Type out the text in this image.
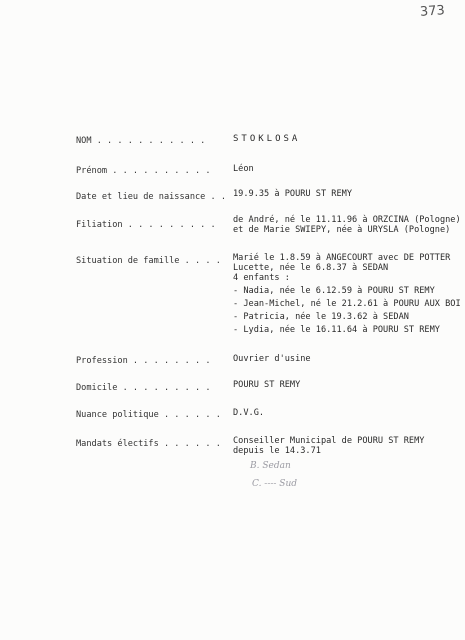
373
NOM . . . . . . . . . . .	STOKLOSA
Prénom . . . . . . . . . .	Léon
Date et lieu de naissance . . 19.9.35 à POURU ST REMY
Filiation . . . . . . . . . de André, né le 11.11.96 à ORZCINA (Pologne)
et de Marie SWIEPY, née à URYSLA (Pologne)
Situation de famille . . . . Marié le 1.8.59 à ANGECOURT avec DE POTTER
Lucette, née le 6.8.37 à SEDAN
4 enfants :
- Nadia, née le 6.12.59 à POURU ST REMY
- Jean-Michel, né le 21.2.61 à POURU AUX BOI
- Patricia, née le 19.3.62 à SEDAN
- Lydia, née le 16.11.64 à POURU ST REMY
Profession . . . . . . . .	Ouvrier d'usine
Domicile . . . . . . . . .	POURU ST REMY
Nuance politique . . . . . . D.V.G.
Mandats électifs . . . . . . Conseiller Municipal de POURU ST REMY
depuis le 14.3.71
B. Sedan
C. ---- Sud
